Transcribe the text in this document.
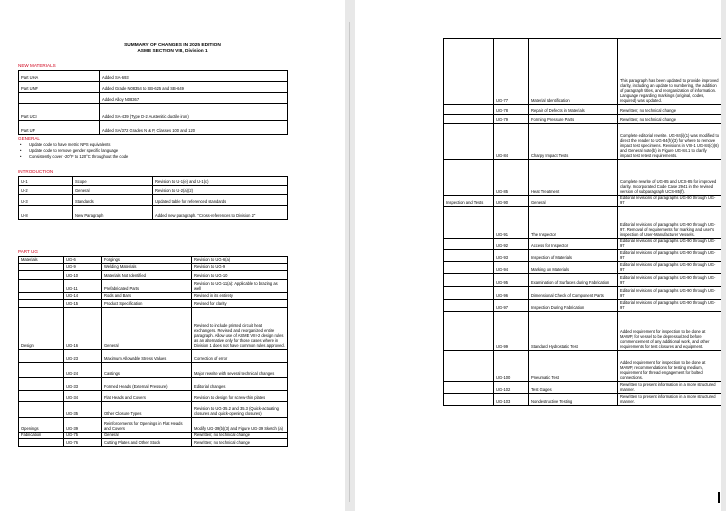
SUMMARY OF CHANGES IN 2025 EDITION
ASME SECTION VIII, Division 1
NEW MATERIALS
Part UHA	Added SA-693
Part UNF	Added Grade N08354 to SB-625 and SB-649
	Added Alloy N08367
Part UCI	Added SA-439 (Type D-2 Austenitic ductile iron)
Part UF	Added SA/372 Grades N & P, Classes 100 and 120
GENERAL
• Update code to have metric NPS equivalents
• Update code to remove gender specific language
• Consistently cover -20°F to 120°C throughout the code
INTRODUCTION
U-1	Scope	Revision to U-1(e) and U-1(c)
U-2	General	Revision to U-2(a)(2)
U-3	Standards	Updated table for referenced standards
U-8	New Paragraph	Added new paragraph. "Cross-references to Division 2"
PART UG
Materials	UG-6	Forgings	Revision to UG-6(a)
	UG-9	Welding Materials	Revision to UG-9
	UG-10	Materials Not Identified	Revision to UG-10
	UG-11	Prefabricated Parts	Revision to UG-11(a): Applicable to brazing as well
	UG-14	Rods and Bars	Revised in its entirety
	UG-15	Product Specification	Revised for clarity
Design	UG-16	General	Revised to include printed circuit heat exchangers. Revised and reorganized entire paragraph. Allow use of ASME VIII-2 design rules as an alternative only for those cases where in Division 1 does not have common rules approved.
	UG-23	Maximum Allowable Stress Values	Correction of error
	UG-24	Castings	Major rewrite with several technical changes
	UG-33	Formed Heads (External Pressure)	Editorial changes
	UG-34	Flat Heads and Covers	Revision to design for screw-thin plates
	UG-35	Other Closure Types	Revision to UG-35.2 and 35.3 (Quick-actuating closures and quick-opening closures)
Openings	UG-39	Reinforcements for Openings in Flat Heads and Covers	Modify UG-39(b)(3) and Figure UG-39 Sketch (a)
Fabrication	UG-75	General	Rewritten; no technical change
	UG-76	Cutting Plates and Other Stock	Rewritten; no technical change
	UG-77	Material Identification	This paragraph has been updated to provide improved clarity, including an update to numbering, the addition of paragraph titles, and reorganization of information. Language regarding markings (original, codes, required) was updated.
	UG-78	Repair of Defects in Materials	Rewritten; no technical change
	UG-79	Forming Pressure Parts	Rewritten; no technical change
	UG-84	Charpy Impact Tests	Complete editorial rewrite. UG-84(i)(1) was modified to direct the reader to UG-84(h)(3) for where to remove impact test specimens. Revisions in VIII-1 UG-84(c)(6) and General note(b) in Figure UG-84.1 to clarify impact test retest requirements.
	UG-85	Heat Treatment	Complete rewrite of UG-85 and UCS-85 for improved clarity. Incorporated Code Case 2941 in the revised version of subparagraph UCS-85(f).
Inspection and Tests	UG-90	General	Editorial revisions of paragraphs UG-90 through UG-97
	UG-91	The Inspector	Editorial revisions of paragraphs UG-90 through UG-97. Removal of requirements for marking and user's inspection of User-Manufacturer Vessels.
	UG-92	Access for Inspector	Editorial revisions of paragraphs UG-90 through UG-97
	UG-93	Inspection of Materials	Editorial revisions of paragraphs UG-90 through UG-97
	UG-94	Marking on Materials	Editorial revisions of paragraphs UG-90 through UG-97
	UG-95	Examination of Surfaces during Fabrication	Editorial revisions of paragraphs UG-90 through UG-97
	UG-96	Dimensional Check of Component Parts	Editorial revisions of paragraphs UG-90 through UG-97
	UG-97	Inspection During Fabrication	Editorial revisions of paragraphs UG-90 through UG-97
	UG-99	Standard Hydrostatic Test	Added requirement for inspection to be done at MAWP, for vessel to be depressurized before commencement of any additional work, and other requirements for test closures and equipment.
	UG-100	Pneumatic Test	Added requirement for inspection to be done at MAWP, recommendations for testing medium, requirement for thread engagement for bolted connections.
	UG-102	Test Gages	Rewritten to present information in a more structured manner.
	UG-103	Nondestructive Testing	Rewritten to present information in a more structured manner.
